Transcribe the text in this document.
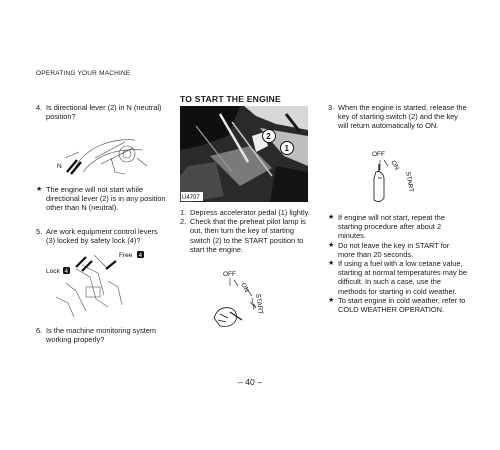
OPERATING YOUR MACHINE
4. Is directional lever (2) in N (neutral) position?
N
★ The engine will not start while directional lever (2) is in any position other than N (neutral).
5. Are work equipment control levers (3) locked by safety lock (4)?
Free 4
Lock 4
6. Is the machine monitoring system working properly?
TO START THE ENGINE
2
1
U4707
1. Depress accelerator pedal (1) lightly.
2. Check that the preheat pilot lamp is out, then turn the key of starting switch (2) to the START position to start the engine.
OFF
ON
START
3. When the engine is started, release the key of starting switch (2) and the key will return automatically to ON.
OFF
ON
START
★ If engine will not start, repeat the starting procedure after about 2 minutes.
★ Do not leave the key in START for more than 20 seconds.
★ If using a fuel with a low cetane value, starting at normal temperatures may be difficult. In such a case, use the methods for starting in cold weather.
★ To start engine in cold weather, refer to COLD WEATHER OPERATION.
– 40 –
